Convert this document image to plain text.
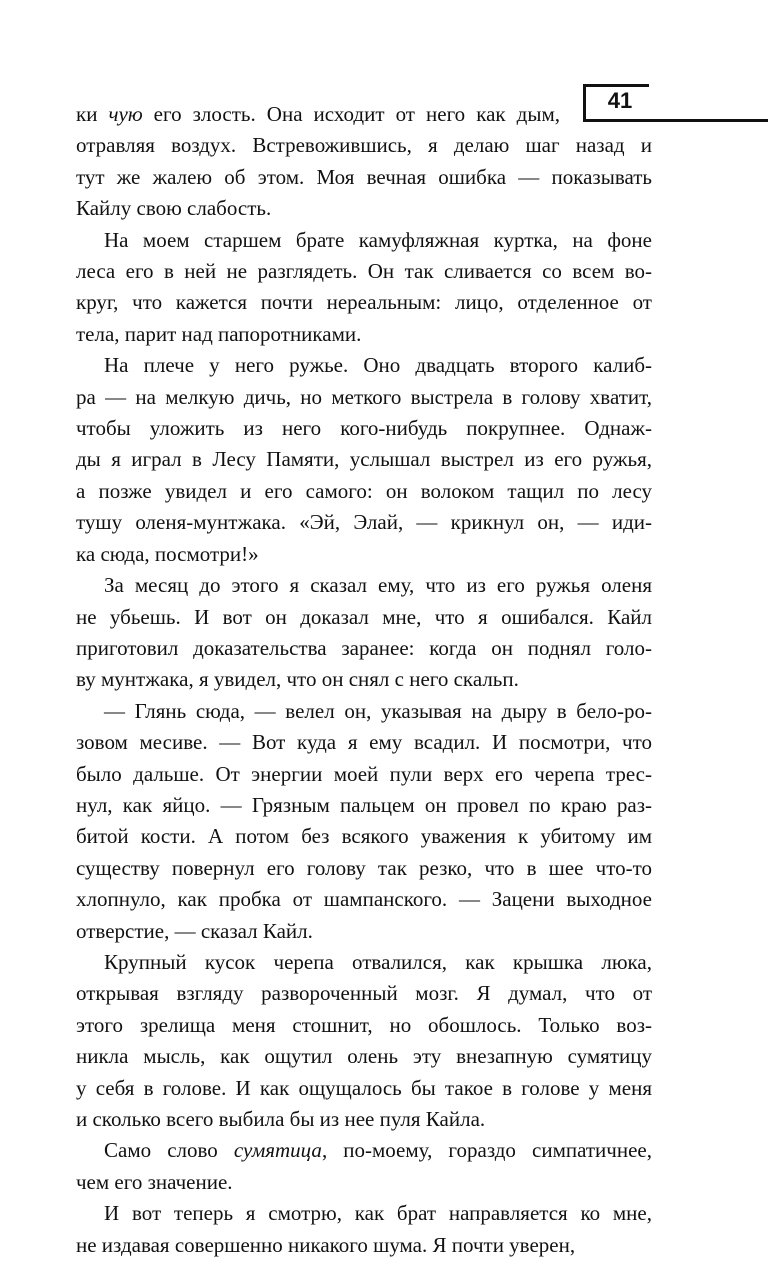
41
ки чую его злость. Она исходит от него как дым,
отравляя воздух. Встревожившись, я делаю шаг назад и
тут же жалею об этом. Моя вечная ошибка — показывать
Кайлу свою слабость.
На моем старшем брате камуфляжная куртка, на фоне
леса его в ней не разглядеть. Он так сливается со всем во-
круг, что кажется почти нереальным: лицо, отделенное от
тела, парит над папоротниками.
На плече у него ружье. Оно двадцать второго калиб-
ра — на мелкую дичь, но меткого выстрела в голову хватит,
чтобы уложить из него кого-нибудь покрупнее. Однаж-
ды я играл в Лесу Памяти, услышал выстрел из его ружья,
а позже увидел и его самого: он волоком тащил по лесу
тушу оленя-мунтжака. «Эй, Элай, — крикнул он, — иди-
ка сюда, посмотри!»
За месяц до этого я сказал ему, что из его ружья оленя
не убьешь. И вот он доказал мне, что я ошибался. Кайл
приготовил доказательства заранее: когда он поднял голо-
ву мунтжака, я увидел, что он снял с него скальп.
— Глянь сюда, — велел он, указывая на дыру в бело-ро-
зовом месиве. — Вот куда я ему всадил. И посмотри, что
было дальше. От энергии моей пули верх его черепа трес-
нул, как яйцо. — Грязным пальцем он провел по краю раз-
битой кости. А потом без всякого уважения к убитому им
существу повернул его голову так резко, что в шее что-то
хлопнуло, как пробка от шампанского. — Зацени выходное
отверстие, — сказал Кайл.
Крупный кусок черепа отвалился, как крышка люка,
открывая взгляду развороченный мозг. Я думал, что от
этого зрелища меня стошнит, но обошлось. Только воз-
никла мысль, как ощутил олень эту внезапную сумятицу
у себя в голове. И как ощущалось бы такое в голове у меня
и сколько всего выбила бы из нее пуля Кайла.
Само слово сумятица, по-моему, гораздо симпатичнее,
чем его значение.
И вот теперь я смотрю, как брат направляется ко мне,
не издавая совершенно никакого шума. Я почти уверен,
